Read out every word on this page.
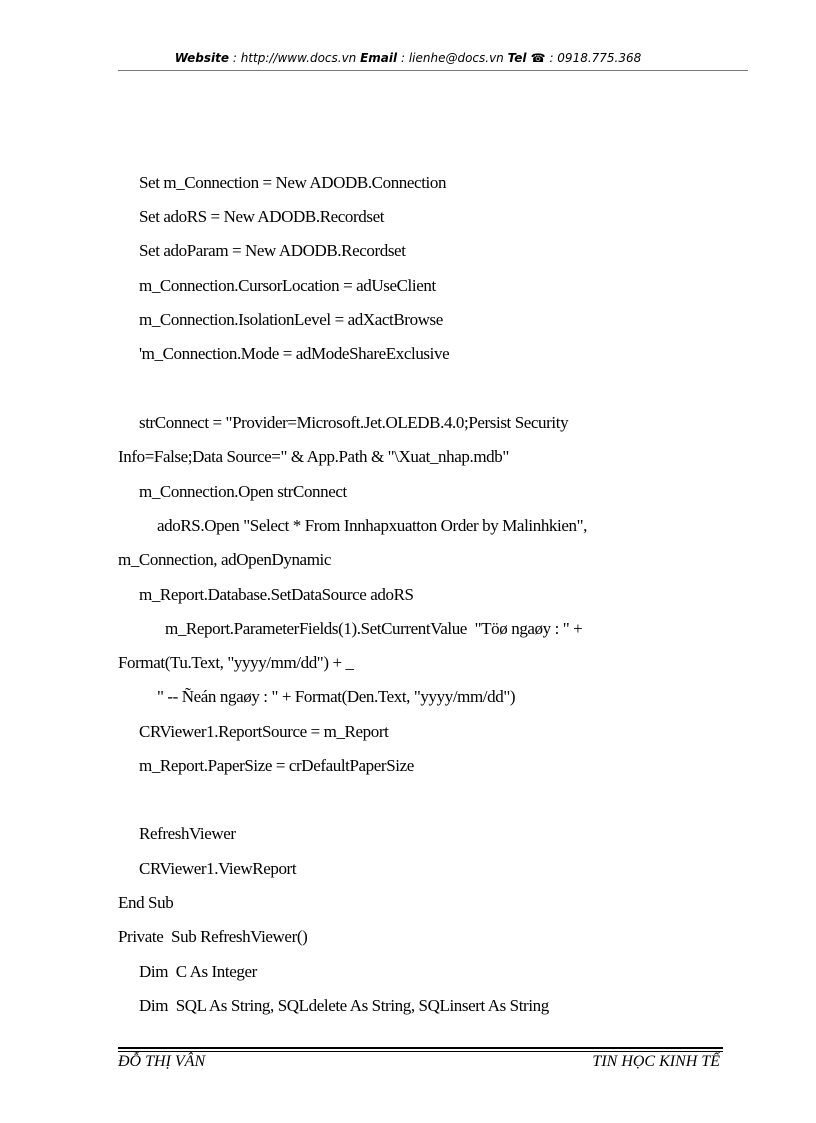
Website : http://www.docs.vn Email : lienhe@docs.vn Tel ☎ : 0918.775.368
Set m_Connection = New ADODB.Connection
Set adoRS = New ADODB.Recordset
Set adoParam = New ADODB.Recordset
m_Connection.CursorLocation = adUseClient
m_Connection.IsolationLevel = adXactBrowse
'm_Connection.Mode = adModeShareExclusive
strConnect = "Provider=Microsoft.Jet.OLEDB.4.0;Persist Security
Info=False;Data Source=" & App.Path & "\Xuat_nhap.mdb"
m_Connection.Open strConnect
adoRS.Open "Select * From Innhapxuatton Order by Malinhkien",
m_Connection, adOpenDynamic
m_Report.Database.SetDataSource adoRS
m_Report.ParameterFields(1).SetCurrentValue  "Töø ngaøy : " +
Format(Tu.Text, "yyyy/mm/dd") + _
" -- Ñeán ngaøy : " + Format(Den.Text, "yyyy/mm/dd")
CRViewer1.ReportSource = m_Report
m_Report.PaperSize = crDefaultPaperSize
RefreshViewer
CRViewer1.ViewReport
End Sub
Private  Sub RefreshViewer()
Dim  C As Integer
Dim  SQL As String, SQLdelete As String, SQLinsert As String
ĐỖ THỊ VÂN	TIN HỌC KINH TẾ
